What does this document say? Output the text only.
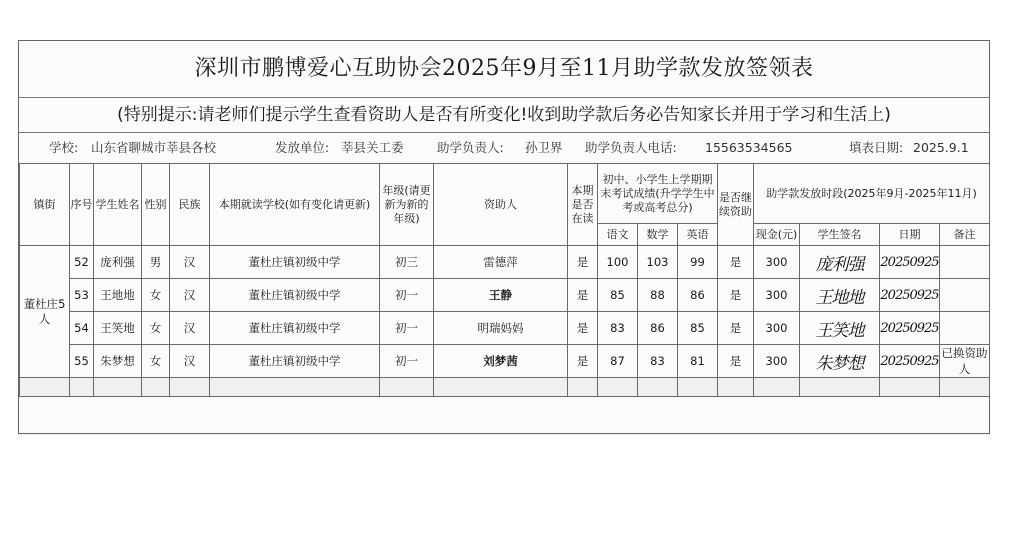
深圳市鹏博爱心互助协会2025年9月至11月助学款发放签领表
(特别提示:请老师们提示学生查看资助人是否有所变化!收到助学款后务必告知家长并用于学习和生活上)
学校: 山东省聊城市莘县各校	发放单位: 莘县关工委	助学负责人: 孙卫界 助学负责人电话: 15563534565	填表日期: 2025.9.1
镇街	序号	学生姓名	性别	民族	本期就读学校(如有变化请更新)	年级(请更新为新的年级)	资助人	本期是否在读	初中、小学生上学期期末考试成绩(升学学生中考或高考总分)			是否继续资助	助学款发放时段(2025年9月-2025年11月)			
									语文	数学	英语		现金(元)	学生签名	日期	备注
董杜庄5人	52	庞利强	男	汉	董杜庄镇初级中学	初三	雷德萍	是	100	103	99	是	300	庞利强	20250925	
	53	王地地	女	汉	董杜庄镇初级中学	初一	王静	是	85	88	86	是	300	王地地	20250925	
	54	王笑地	女	汉	董杜庄镇初级中学	初一	明瑞妈妈	是	83	86	85	是	300	王笑地	20250925	
	55	朱梦想	女	汉	董杜庄镇初级中学	初一	刘梦茜	是	87	83	81	是	300	朱梦想	20250925	已换资助人
